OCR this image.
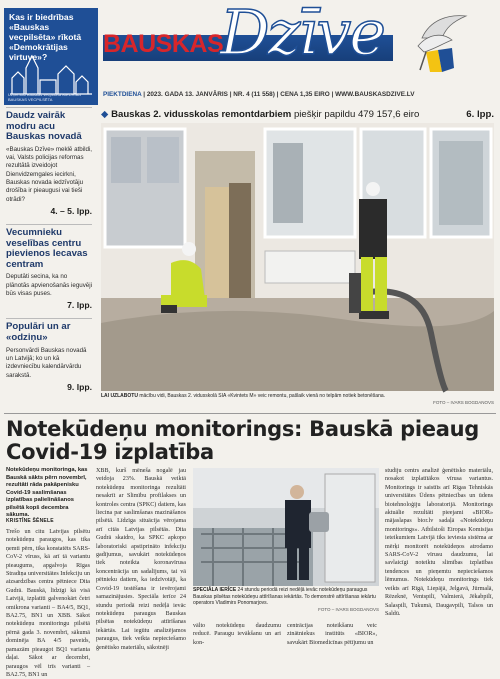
Kas ir biedrības «Bauskas vecpilsēta» rīkotā «Demokrātijas virtuve»?
Uzņēmuši Bauskas vecpilsētā BIEDRĪBA BAUSKAS VECPILSĒTA
BAUSKAS
Dzīve
PIEKTDIENA | 2023. GADA 13. JANVĀRIS | NR. 4 (11 558) | CENA 1,35 EIRO | WWW.BAUSKASDZIVE.LV
Daudz vairāk modru acu Bauskas novadā
«Bauskas Dzīve» meklē atbildi, vai, Valsts policijas reformas rezultātā izveidojot Dienvidzemgales iecirkni, Bauskas novada iedzīvotāju drošība ir pieaugusi vai tieši otrādi?
4. – 5. lpp.
Vecumnieku veselības centru pievienos Iecavas centram
Deputāti secina, ka no plānotās apvienošanās ieguvēji būs visas puses.
7. lpp.
Populāri un ar «odziņu»
Personvārdi Bauskas novadā un Latvijā; ko un kā izdevniecību kalendārvārdu sarakstā.
9. lpp.
◆ Bauskas 2. vidusskolas remontdarbiem piešķir papildu 479 157,6 eiro	6. lpp.
LAI UZLABOTU mācību vidi, Bauskas 2. vidusskolā SIA «Kvintets M» veic remontu, pašlaik vienā no telpām notiek betonēšana.
FOTO – IVARS BOGDANOVS
Notekūdeņu monitorings: Bauskā pieaug Covid-19 izplatība
Notekūdeņu monitoringa, kas Bauskā sākts pērn novembrī, rezultāti rāda pakāpenisku Covid-19 saslimšanas izplatības palielināšanos pilsētā kopš decembra sākuma.
KRISTĪNE ŠĒNELE
Trešo un citu Latvijas pilsētu notekūdeņu paraugos, kas tika ņemti pērn, tika konstatēts SARS-CoV-2 vīruss, kā arī tā variantu pieaugums, apgalvoja Rīgas Stradiņa universitātes Infekciju un aizsardzības centra pētniece Dita Gudrā. Bauskā, līdzīgi kā visā Latvijā, izplatīti galvenokārt četri omikrona varianti – BA4/5, BQ1, BA2.75, BN1 un XBB. Sākot notekūdeņu monitoringu pilsētā pērnā gada 3. novembrī, sākumā dominēja BA 4/5 paveids, pamazām pieaugot BQ1 varianta daļai. Sākot ar decembri, paraugos vēl trīs varianti – BA2.75, BN1 un
XBB, kurš mēneša nogalē jau veidoja 23%. Bauskā veiktā notekūdeņu monitoringa rezultāti nesakrīt ar Slimību profilakses un kontroles centra (SPKC) datiem, kas liecina par saslimšanas mazināšanos pilsētā. Līdzīga situācija vērojama arī citās Latvijas pilsētās. Dita Gudrā skaidro, ka SPKC apkopo laboratoriski apstiprināto infekciju gadījumus, savukārt notekūdeņos tiek noteikta koronavīrusa koncentrācija un sadalījums, tai vā pētnieku datiem, ka iedzīvotāji, ka Covid-19 testēšana ir ievērojami samazinājusies. Speciāla ierīce 24 stundu periodā reizi nedēļā ievāc notekūdeņu paraugus Bauskas pilsētas notekūdeņu attīrīšanas iekārtās. Lai iegūtu analizējamos paraugus, tiek veikta nepieciešamo ģenētisko materiālu, sākotnēji
SPECIĀLA IERĪCE 24 stundu periodā reizi nedēļā ievāc notekūdeņu paraugus Bauskas pilsētas notekūdeņu attīrīšanas iekārtās. To demonstrē attīrīšanas iekārtu operators Vladimirs Ponomarjovs.
FOTO – IVARS BOGDANOVS
vālto notekūdeņu daudzumu reducē. Paraugu ievākšanu un ari kon-
centrācijas noteikšanu veic zinātniekus institūts «BIOR», savukārt Biomedicīnas pētījumu un
studiju centrs analizē ģenētisko materiālu, nosakot izplatītākos vīrusa variantus. Monitorings ir saistīts arī Rīgas Tehniskās universitātes Ūdens pētniecības un ūdens biotehnoloģiju laboratorijā. Monitorings aktuālie rezultāti pieejami «BIOR» mājaslapas bior.lv sadaļā «Notekūdeņu monitorings». Atbilstoši Eiropas Komisijas ieteikumiem Latvijā tiks ieviesta sistēma ar mērķi monitorēt notekūdeņos atrodamo SARS-CoV-2 vīrusu daudzumu, lai savlaicīgi noteiktu slimības izplatības tendences un pieņemtu nepieciešamos lēmumus. Notekūdeņu monitorings tiek veikts arī Rīgā, Liepājā, Jelgavā, Jūrmalā, Rēzeknē, Ventspilī, Valmierā, Jēkabpilī, Salaspilī, Tukumā, Daugavpilī, Talsos un Saldū.
